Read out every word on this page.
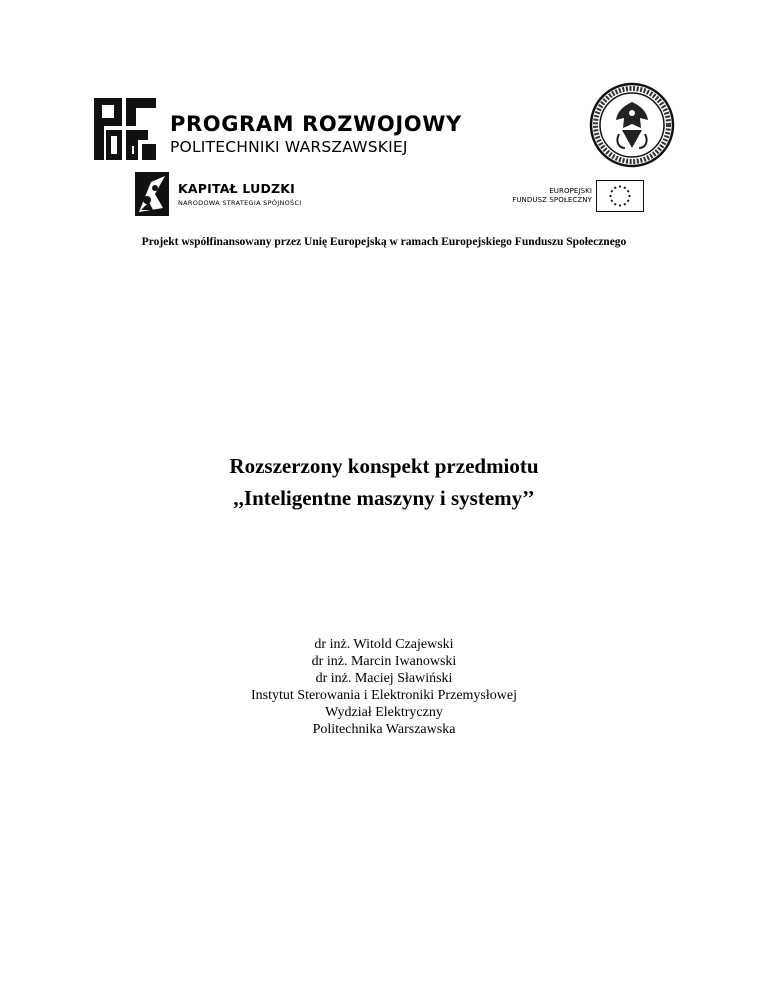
PROGRAM ROZWOJOWY
POLITECHNIKI WARSZAWSKIEJ
KAPITAŁ LUDZKI
NARODOWA STRATEGIA SPÓJNOŚCI
EUROPEJSKI
FUNDUSZ SPOŁECZNY
Projekt współfinansowany przez Unię Europejską w ramach Europejskiego Funduszu Społecznego
Rozszerzony konspekt przedmiotu
,,Inteligentne maszyny i systemy’’
dr inż. Witold Czajewski
dr inż. Marcin Iwanowski
dr inż. Maciej Sławiński
Instytut Sterowania i Elektroniki Przemysłowej
Wydział Elektryczny
Politechnika Warszawska
